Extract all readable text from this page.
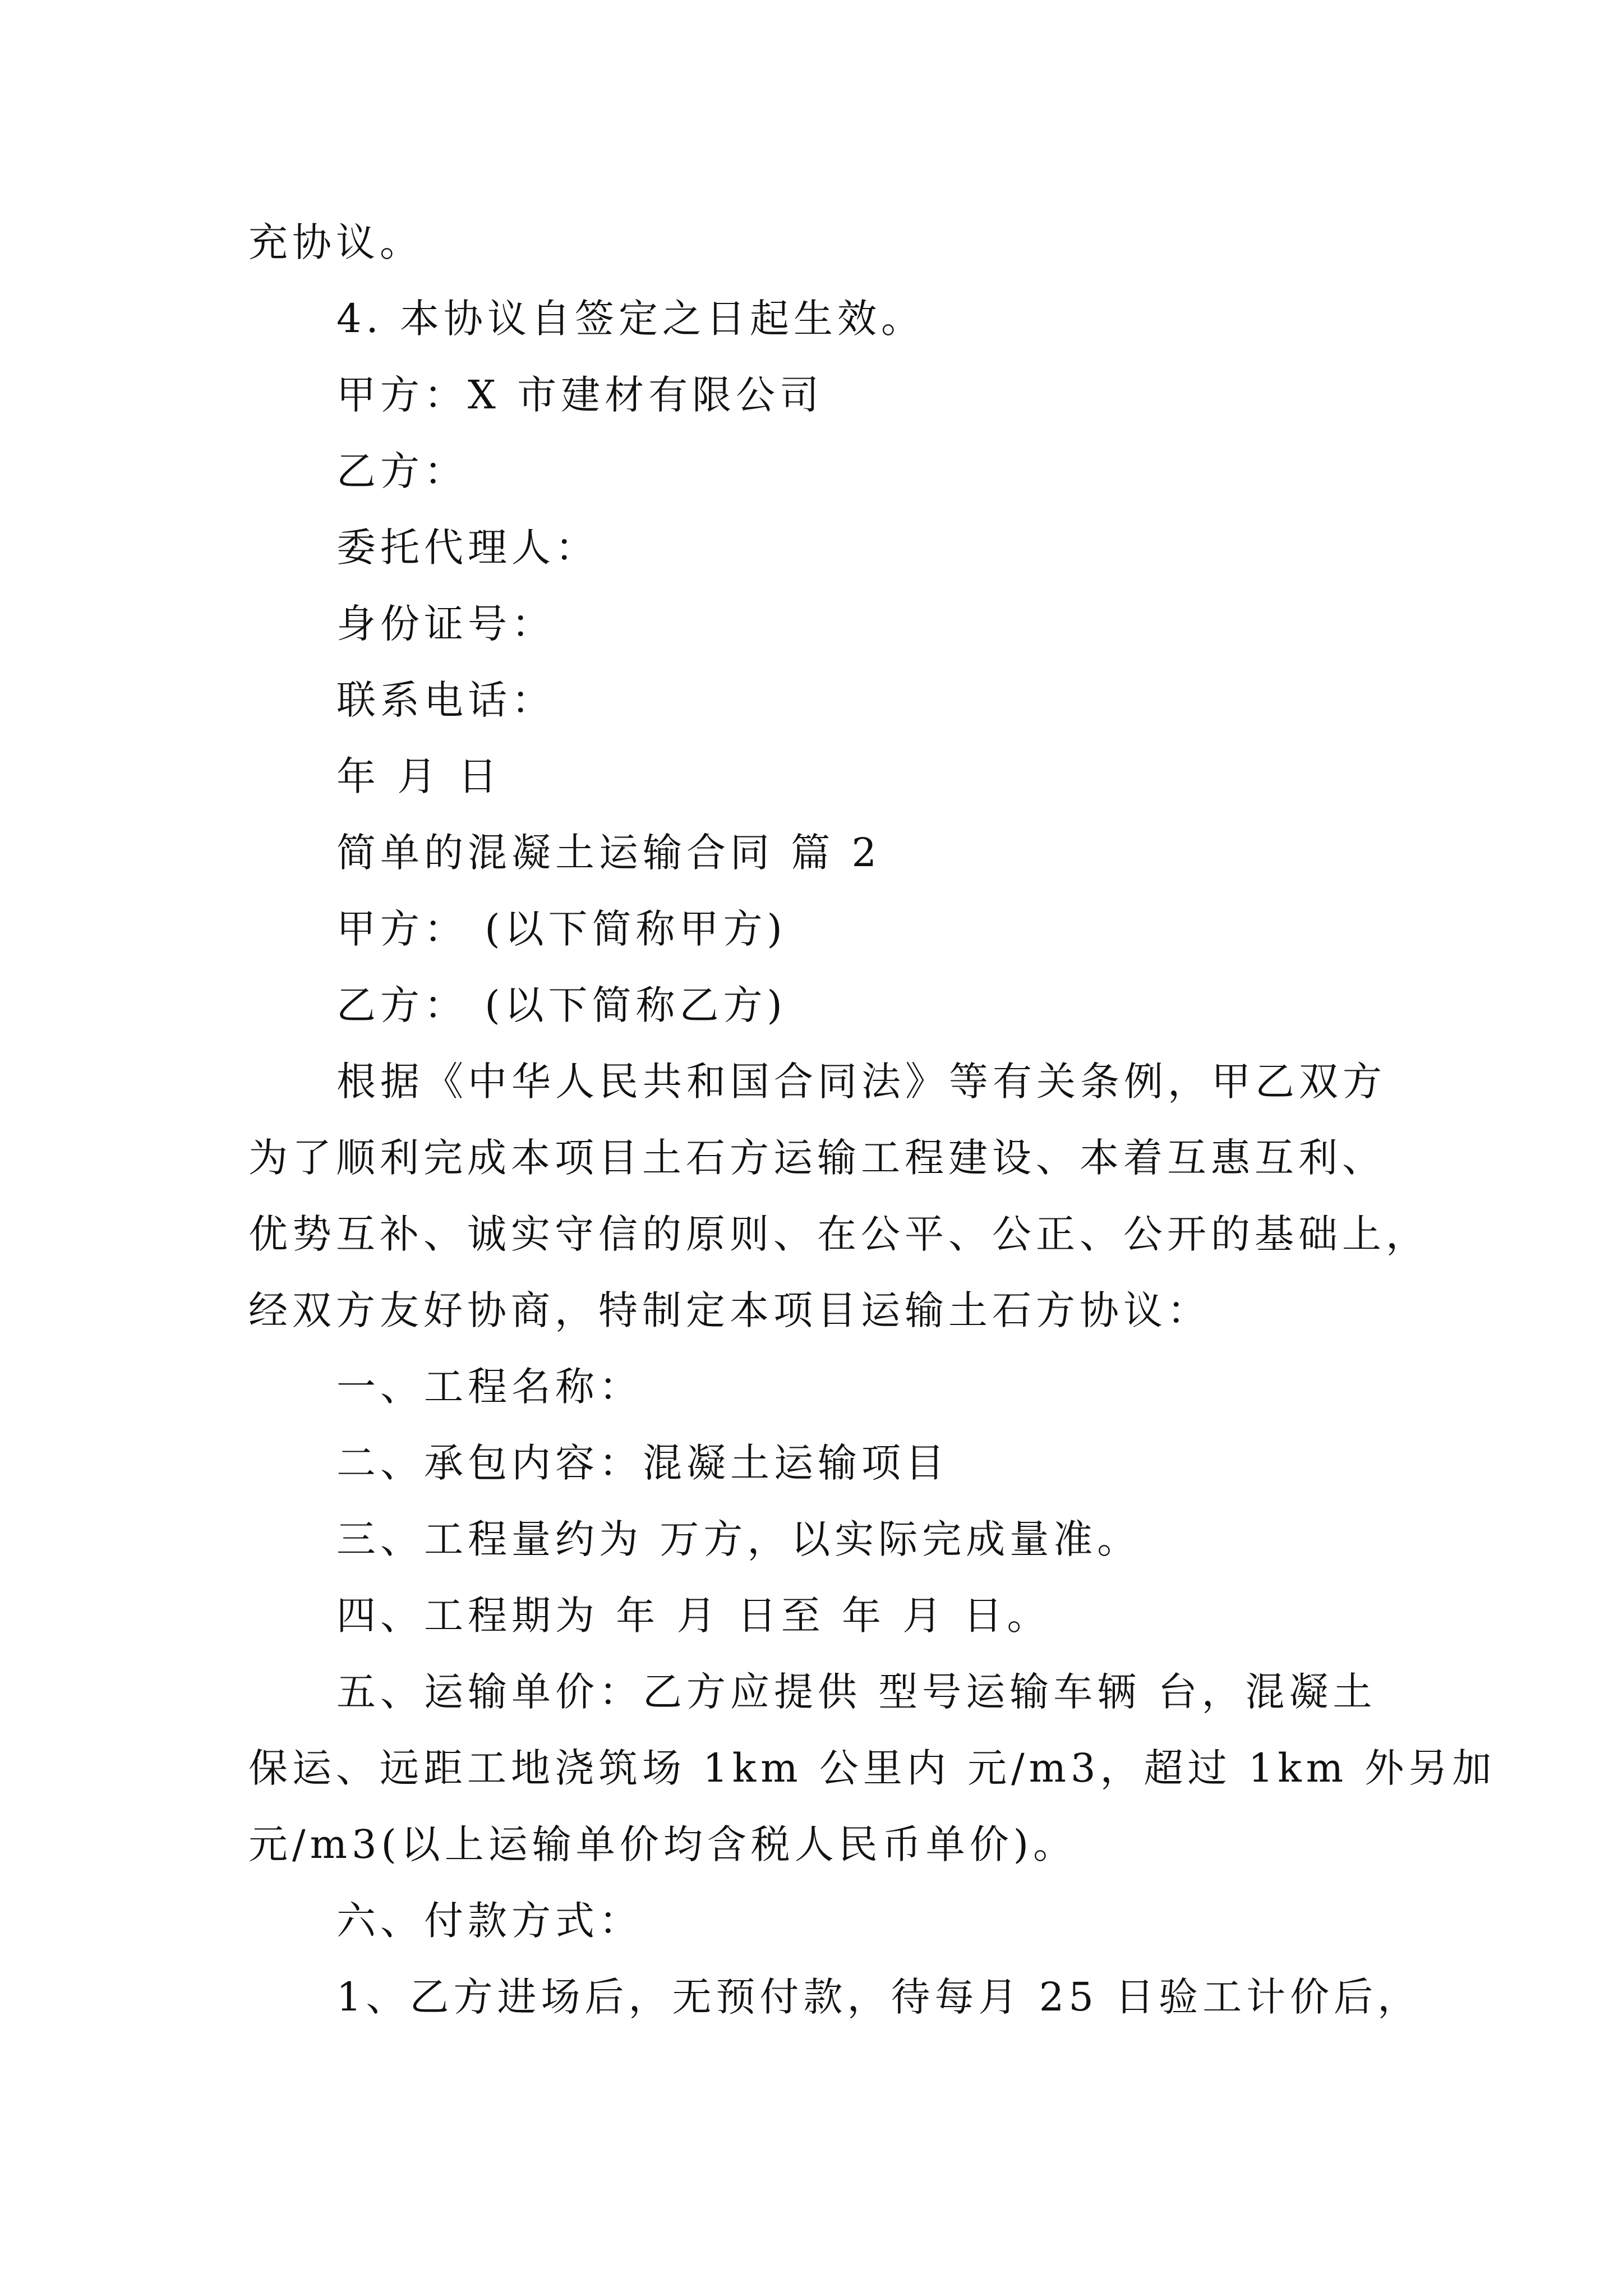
充协议。

4. 本协议自签定之日起生效。

甲方：X 市建材有限公司

乙方：

委托代理人：

身份证号：

联系电话：

年 月 日

简单的混凝土运输合同 篇 2

甲方： (以下简称甲方)

乙方： (以下简称乙方)

根据《中华人民共和国合同法》等有关条例，甲乙双方

为了顺利完成本项目土石方运输工程建设、本着互惠互利、

优势互补、诚实守信的原则、在公平、公正、公开的基础上，

经双方友好协商，特制定本项目运输土石方协议：

一、工程名称：

二、承包内容：混凝土运输项目

三、工程量约为 万方，以实际完成量准。

四、工程期为 年 月 日至 年 月 日。

五、运输单价：乙方应提供 型号运输车辆 台，混凝土

保运、远距工地浇筑场 1km 公里内 元/m3，超过 1km 外另加

元/m3(以上运输单价均含税人民币单价)。

六、付款方式：

1、乙方进场后，无预付款，待每月 25 日验工计价后，
